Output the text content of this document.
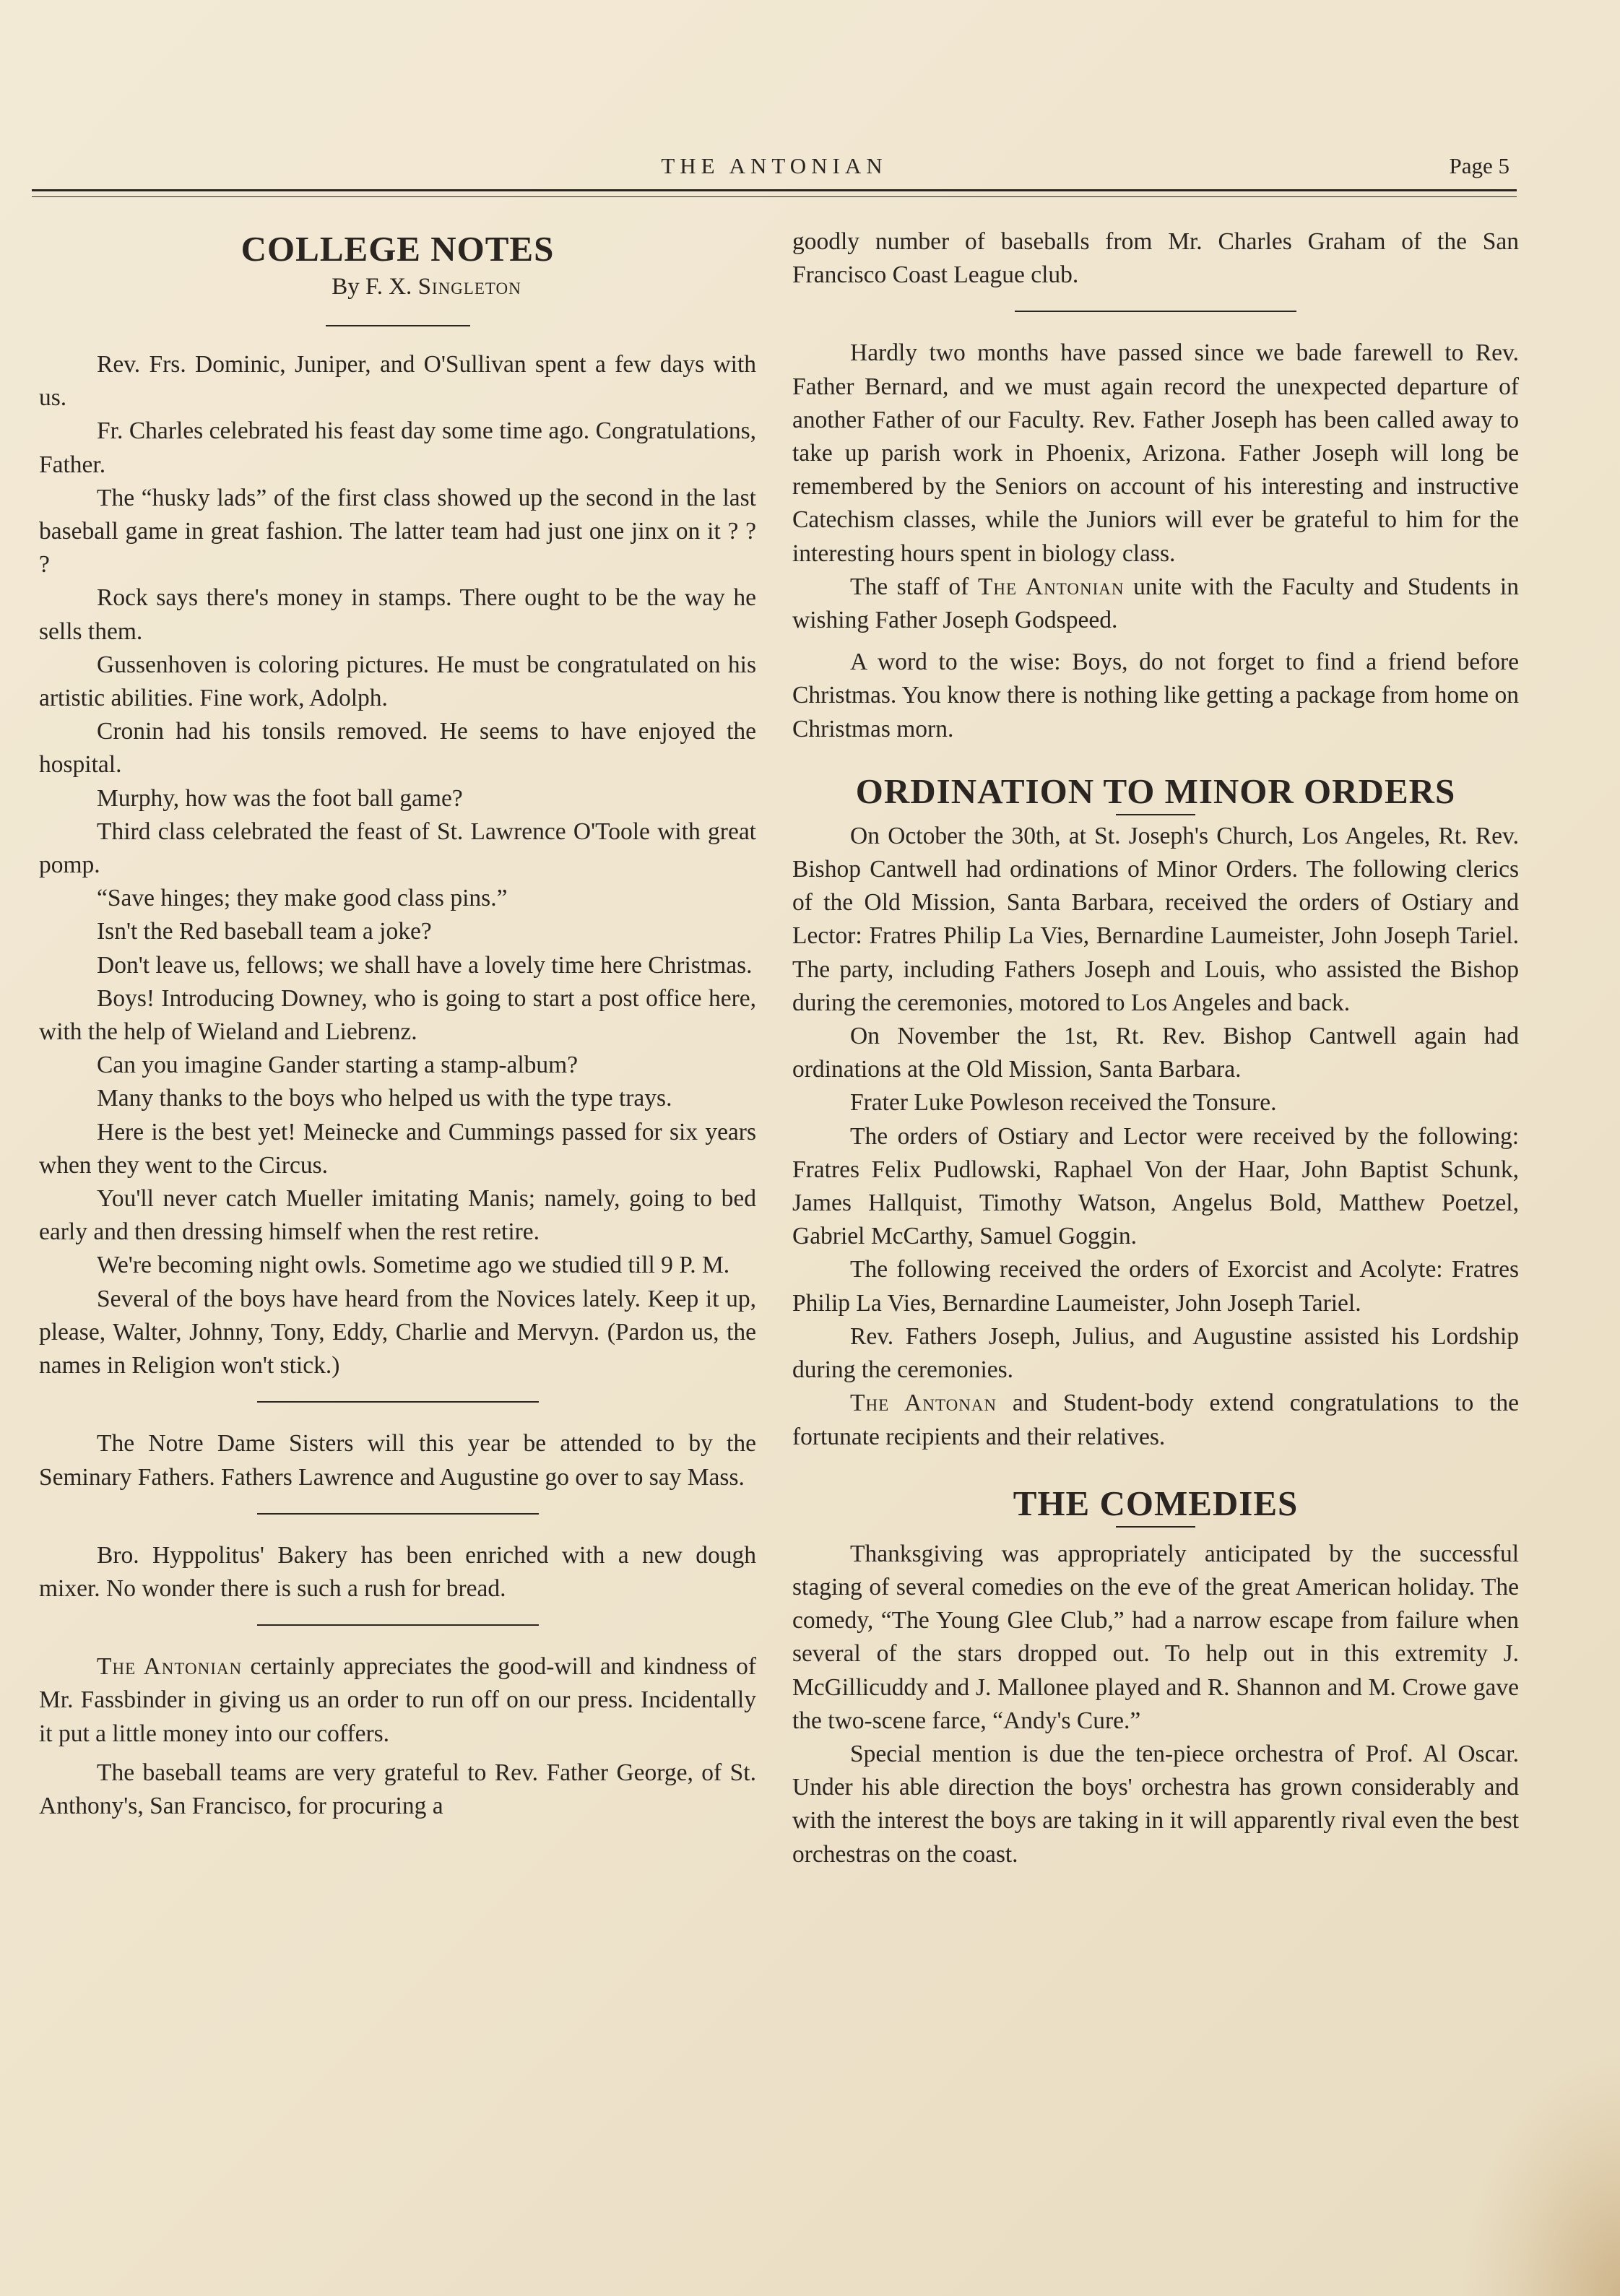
THE ANTONIAN	Page 5
COLLEGE NOTES

By F. X. Singleton

Rev. Frs. Dominic, Juniper, and O'Sullivan spent a few days with us.

Fr. Charles celebrated his feast day some time ago. Congratulations, Father.

The “husky lads” of the first class showed up the second in the last baseball game in great fashion. The latter team had just one jinx on it ? ? ?

Rock says there's money in stamps. There ought to be the way he sells them.

Gussenhoven is coloring pictures. He must be congratulated on his artistic abilities. Fine work, Adolph.

Cronin had his tonsils removed. He seems to have enjoyed the hospital.

Murphy, how was the foot ball game?

Third class celebrated the feast of St. Lawrence O'Toole with great pomp.

“Save hinges; they make good class pins.”

Isn't the Red baseball team a joke?

Don't leave us, fellows; we shall have a lovely time here Christmas.

Boys! Introducing Downey, who is going to start a post office here, with the help of Wieland and Liebrenz.

Can you imagine Gander starting a stamp-album?

Many thanks to the boys who helped us with the type trays.

Here is the best yet! Meinecke and Cummings passed for six years when they went to the Circus.

You'll never catch Mueller imitating Manis; namely, going to bed early and then dressing himself when the rest retire.

We're becoming night owls. Sometime ago we studied till 9 P. M.

Several of the boys have heard from the Novices lately. Keep it up, please, Walter, Johnny, Tony, Eddy, Charlie and Mervyn. (Pardon us, the names in Religion won't stick.)

The Notre Dame Sisters will this year be attended to by the Seminary Fathers. Fathers Lawrence and Augustine go over to say Mass.

Bro. Hyppolitus' Bakery has been enriched with a new dough mixer. No wonder there is such a rush for bread.

The Antonian certainly appreciates the good-will and kindness of Mr. Fassbinder in giving us an order to run off on our press. Incidentally it put a little money into our coffers.

The baseball teams are very grateful to Rev. Father George, of St. Anthony's, San Francisco, for procuring a

goodly number of baseballs from Mr. Charles Graham of the San Francisco Coast League club.

Hardly two months have passed since we bade farewell to Rev. Father Bernard, and we must again record the unexpected departure of another Father of our Faculty. Rev. Father Joseph has been called away to take up parish work in Phoenix, Arizona. Father Joseph will long be remembered by the Seniors on account of his interesting and instructive Catechism classes, while the Juniors will ever be grateful to him for the interesting hours spent in biology class.

The staff of The Antonian unite with the Faculty and Students in wishing Father Joseph Godspeed.

A word to the wise: Boys, do not forget to find a friend before Christmas. You know there is nothing like getting a package from home on Christmas morn.

ORDINATION TO MINOR ORDERS

On October the 30th, at St. Joseph's Church, Los Angeles, Rt. Rev. Bishop Cantwell had ordinations of Minor Orders. The following clerics of the Old Mission, Santa Barbara, received the orders of Ostiary and Lector: Fratres Philip La Vies, Bernardine Laumeister, John Joseph Tariel. The party, including Fathers Joseph and Louis, who assisted the Bishop during the ceremonies, motored to Los Angeles and back.

On November the 1st, Rt. Rev. Bishop Cantwell again had ordinations at the Old Mission, Santa Barbara.

Frater Luke Powleson received the Tonsure.

The orders of Ostiary and Lector were received by the following: Fratres Felix Pudlowski, Raphael Von der Haar, John Baptist Schunk, James Hallquist, Timothy Watson, Angelus Bold, Matthew Poetzel, Gabriel McCarthy, Samuel Goggin.

The following received the orders of Exorcist and Acolyte: Fratres Philip La Vies, Bernardine Laumeister, John Joseph Tariel.

Rev. Fathers Joseph, Julius, and Augustine assisted his Lordship during the ceremonies.

The Antonan and Student-body extend congratulations to the fortunate recipients and their relatives.

THE COMEDIES

Thanksgiving was appropriately anticipated by the successful staging of several comedies on the eve of the great American holiday. The comedy, “The Young Glee Club,” had a narrow escape from failure when several of the stars dropped out. To help out in this extremity J. McGillicuddy and J. Mallonee played and R. Shannon and M. Crowe gave the two-scene farce, “Andy's Cure.”

Special mention is due the ten-piece orchestra of Prof. Al Oscar. Under his able direction the boys' orchestra has grown considerably and with the interest the boys are taking in it will apparently rival even the best orchestras on the coast.
